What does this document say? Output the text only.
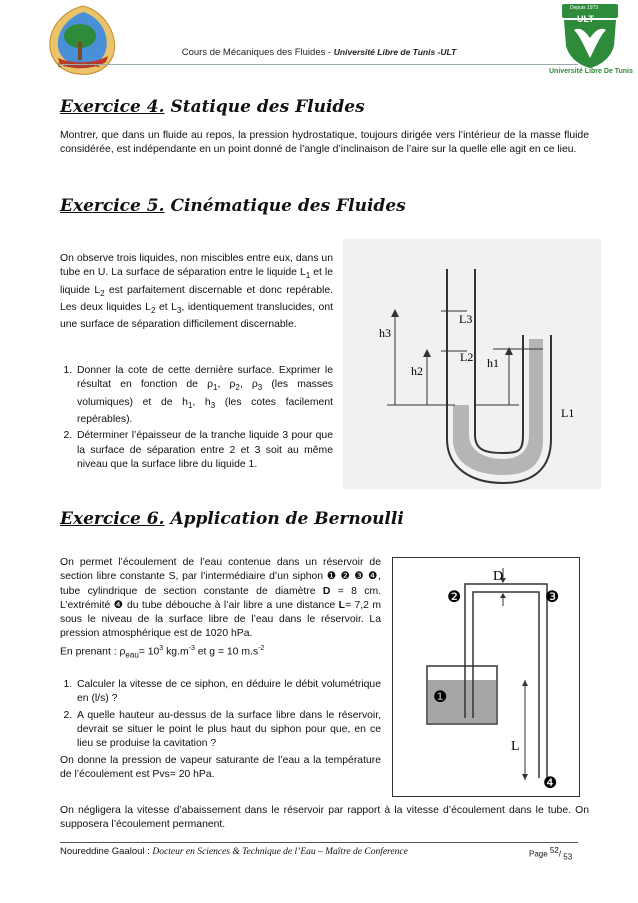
L.H.R.P.E
Depuis 1973
ULT
Université Libre De Tunis
Cours de Mécaniques des Fluides - Université Libre de Tunis -ULT
Exercice 4. Statique des Fluides
Montrer, que dans un fluide au repos, la pression hydrostatique, toujours dirigée vers l’intérieur de la masse fluide considérée, est indépendante en un point donné de l’angle d’inclinaison de l’aire sur la quelle elle agit en ce lieu.
Exercice 5. Cinématique des Fluides
On observe trois liquides, non miscibles entre eux, dans un tube en U. La surface de séparation entre le liquide $L_1$ et le liquide $L_2$ est parfaitement discernable et donc repérable. Les deux liquides $L_2$ et $L_3$, identiquement translucides, ont une surface de séparation difficilement discernable.
1. Donner la cote de cette dernière surface. Exprimer le résultat en fonction de $\rho_1$, $\rho_2$, $\rho_3$ (les masses volumiques) et de $h_1$, $h_3$ (les cotes facilement repérables).
2. Déterminer l’épaisseur de la tranche liquide 3 pour que la surface de séparation entre 2 et 3 soit au même niveau que la surface libre du liquide 1.
L3
L2
L1
h3
h2
h1
Exercice 6. Application de Bernoulli
On permet l’écoulement de l’eau contenue dans un réservoir de section libre constante S, par l’intermédiaire d’un siphon ❶ ❷ ❸ ❹, tube cylindrique de section constante de diamètre D = 8 cm. L’extrémité ❹ du tube débouche à l’air libre a une distance L= 7,2 m sous le niveau de la surface libre de l’eau dans le réservoir. La pression atmosphérique est de 1020 hPa.
En prenant : $\rho_{eau}= 10^3$ $kg.m^{-3}$ et g = 10 $m.s^{-2}$
1. Calculer la vitesse de ce siphon, en déduire le débit volumétrique en (l/s) ?
2. A quelle hauteur au-dessus de la surface libre dans le réservoir, devrait se situer le point le plus haut du siphon pour que, en ce lieu se produise la cavitation ?
On donne la pression de vapeur saturante de l’eau a la température de l’écoulement est Pvs= 20 hPa.
D
L
❶
❷	❸
❹
On négligera la vitesse d’abaissement dans le réservoir par rapport à la vitesse d’écoulement dans le tube. On supposera l’écoulement permanent.
Noureddine Gaaloul : Docteur en Sciences & Technique de l’Eau – Maître de Conference	Page $^{52}$/ $_{53}$
